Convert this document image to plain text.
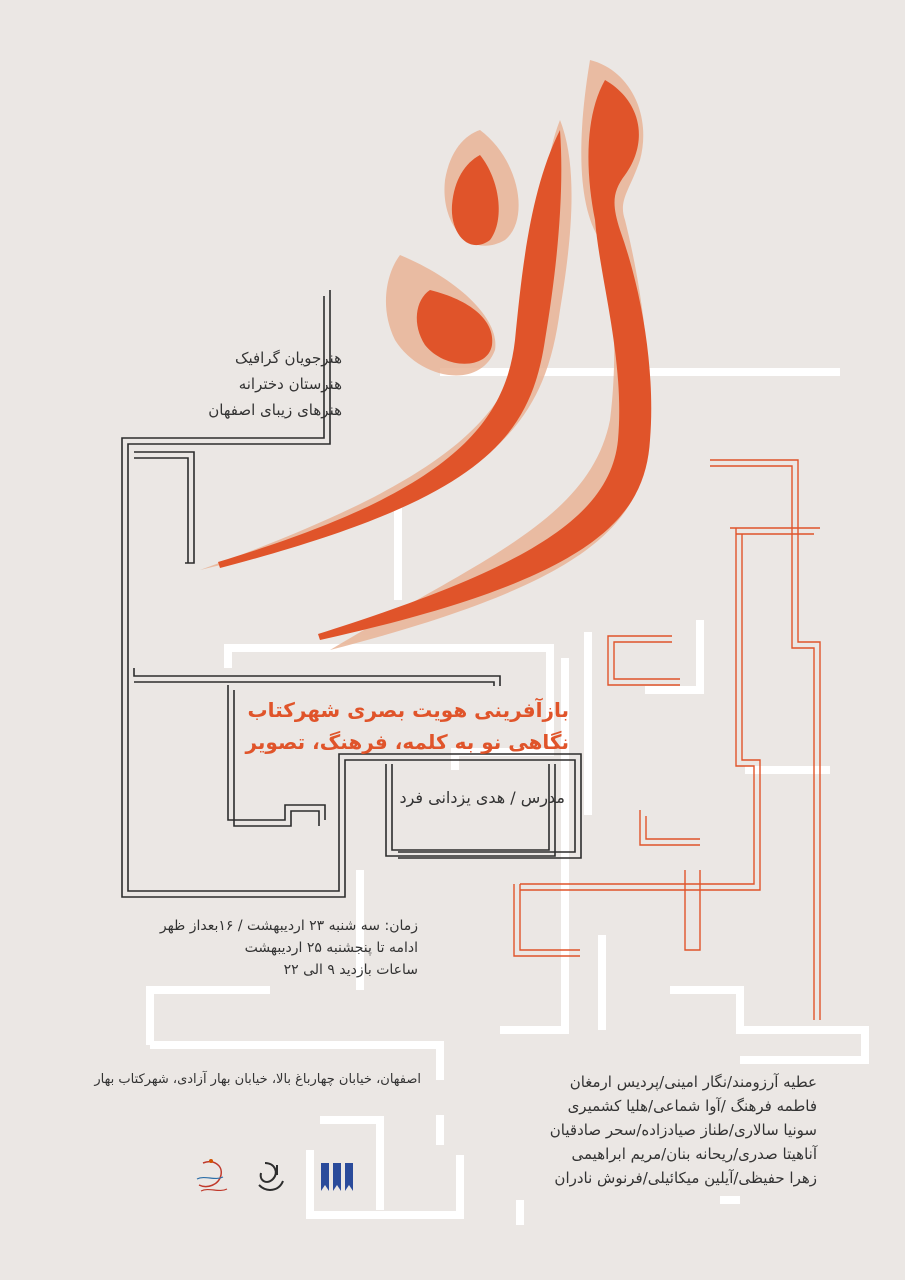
هنرجویان گرافیک
هنرستان دخترانه
هنرهای زیبای اصفهان
بازآفرینی هویت بصری شهرکتاب
نگاهی نو به کلمه، فرهنگ، تصویر
مدرس / هدی یزدانی فرد
زمان: سه شنبه ۲۳ اردیبهشت / ۱۶بعداز ظهر
ادامه تا پنجشنبه ۲۵ اردیبهشت
ساعات بازدید ۹ الی ۲۲
اصفهان، خیابان چهارباغ بالا، خیابان بهار آزادی، شهرکتاب بهار	عطیه آرزومند/نگار امینی/پردیس ارمغان
فاطمه فرهنگ /آوا شماعی/هلیا کشمیری
سونیا سالاری/طناز صیادزاده/سحر صادقیان
آناهیتا صدری/ریحانه بنان/مریم ابراهیمی
زهرا حفیظی/آیلین میکائیلی/فرنوش نادران
